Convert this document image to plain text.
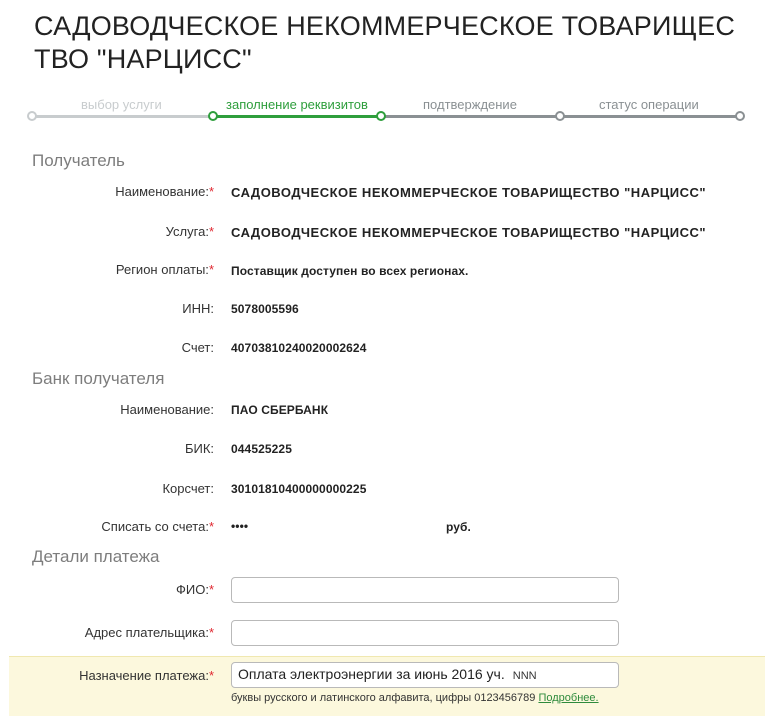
САДОВОДЧЕСКОЕ НЕКОММЕРЧЕСКОЕ ТОВАРИЩЕС
ТВО "НАРЦИСС"
выбор услуги	заполнение реквизитов	подтверждение	статус операции
Получатель
Наименование:* САДОВОДЧЕСКОЕ НЕКОММЕРЧЕСКОЕ ТОВАРИЩЕСТВО "НАРЦИСС"
Услуга:* САДОВОДЧЕСКОЕ НЕКОММЕРЧЕСКОЕ ТОВАРИЩЕСТВО "НАРЦИСС"
Регион оплаты:* Поставщик доступен во всех регионах.
ИНН: 5078005596
Счет: 40703810240020002624
Банк получателя
Наименование: ПАО СБЕРБАНК
БИК: 044525225
Корсчет: 30101810400000000225
Списать со счета:* ••••	руб.
Детали платежа
ФИО:*
Адрес плательщика:*
Назначение платежа:*	Оплата электроэнергии за июнь 2016 уч. NNN
буквы русского и латинского алфавита, цифры 0123456789 Подробнее.
